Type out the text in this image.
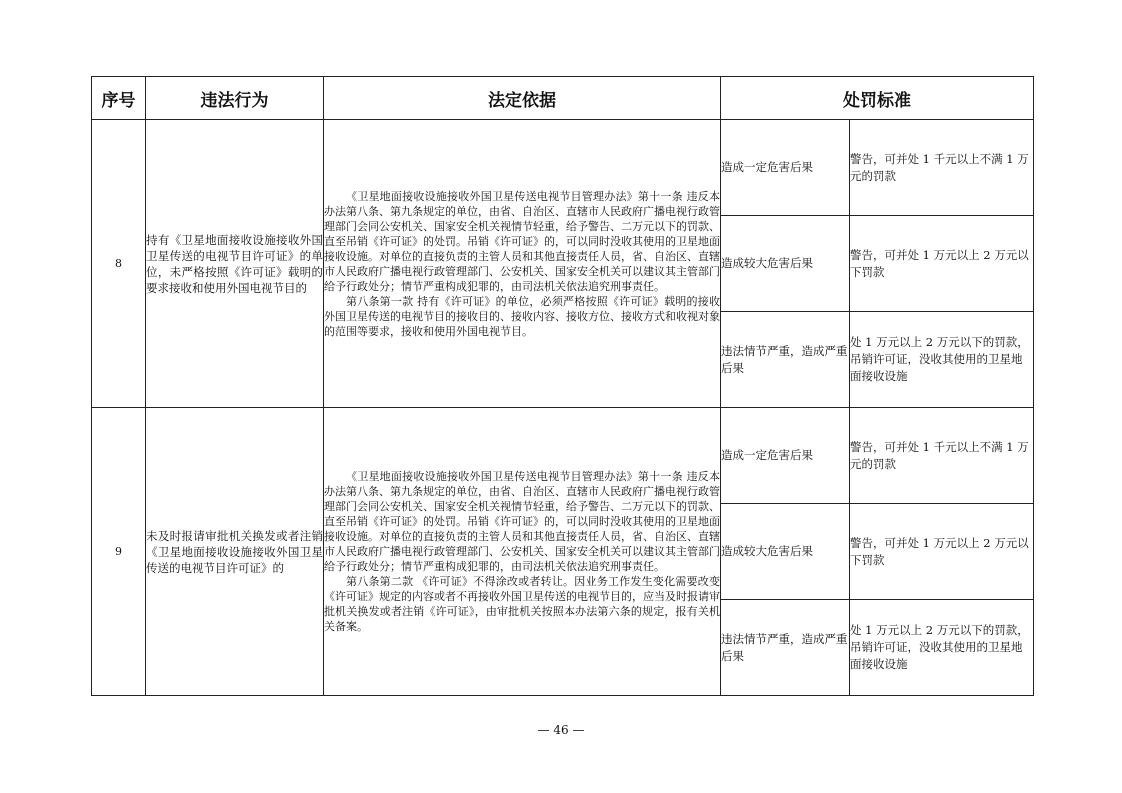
序号	违法行为	法定依据	处罚标准	
8	持有《卫星地面接收设施接收外国卫星传送的电视节目许可证》的单位，未严格按照《许可证》载明的要求接收和使用外国电视节目的	《卫星地面接收设施接收外国卫星传送电视节目管理办法》第十一条 违反本办法第八条、第九条规定的单位，由省、自治区、直辖市人民政府广播电视行政管理部门会同公安机关、国家安全机关视情节轻重，给予警告、二万元以下的罚款、直至吊销《许可证》的处罚。吊销《许可证》的，可以同时没收其使用的卫星地面接收设施。对单位的直接负责的主管人员和其他直接责任人员，省、自治区、直辖市人民政府广播电视行政管理部门、公安机关、国家安全机关可以建议其主管部门给予行政处分；情节严重构成犯罪的，由司法机关依法追究刑事责任。

第八条第一款 持有《许可证》的单位，必须严格按照《许可证》载明的接收外国卫星传送的电视节目的接收目的、接收内容、接收方位、接收方式和收视对象的范围等要求，接收和使用外国电视节目。	造成一定危害后果	警告，可并处 1 千元以上不满 1 万元的罚款
			造成较大危害后果	警告，可并处 1 万元以上 2 万元以下罚款
			违法情节严重，造成严重后果	处 1 万元以上 2 万元以下的罚款，吊销许可证，没收其使用的卫星地面接收设施
9	未及时报请审批机关换发或者注销《卫星地面接收设施接收外国卫星传送的电视节目许可证》的	《卫星地面接收设施接收外国卫星传送电视节目管理办法》第十一条 违反本办法第八条、第九条规定的单位，由省、自治区、直辖市人民政府广播电视行政管理部门会同公安机关、国家安全机关视情节轻重，给予警告、二万元以下的罚款、直至吊销《许可证》的处罚。吊销《许可证》的，可以同时没收其使用的卫星地面接收设施。对单位的直接负责的主管人员和其他直接责任人员，省、自治区、直辖市人民政府广播电视行政管理部门、公安机关、国家安全机关可以建议其主管部门给予行政处分；情节严重构成犯罪的，由司法机关依法追究刑事责任。

第八条第二款 《许可证》不得涂改或者转让。因业务工作发生变化需要改变《许可证》规定的内容或者不再接收外国卫星传送的电视节目的，应当及时报请审批机关换发或者注销《许可证》，由审批机关按照本办法第六条的规定，报有关机关备案。	造成一定危害后果	警告，可并处 1 千元以上不满 1 万元的罚款
			造成较大危害后果	警告，可并处 1 万元以上 2 万元以下罚款
			违法情节严重，造成严重后果	处 1 万元以上 2 万元以下的罚款，吊销许可证，没收其使用的卫星地面接收设施
— 46 —
